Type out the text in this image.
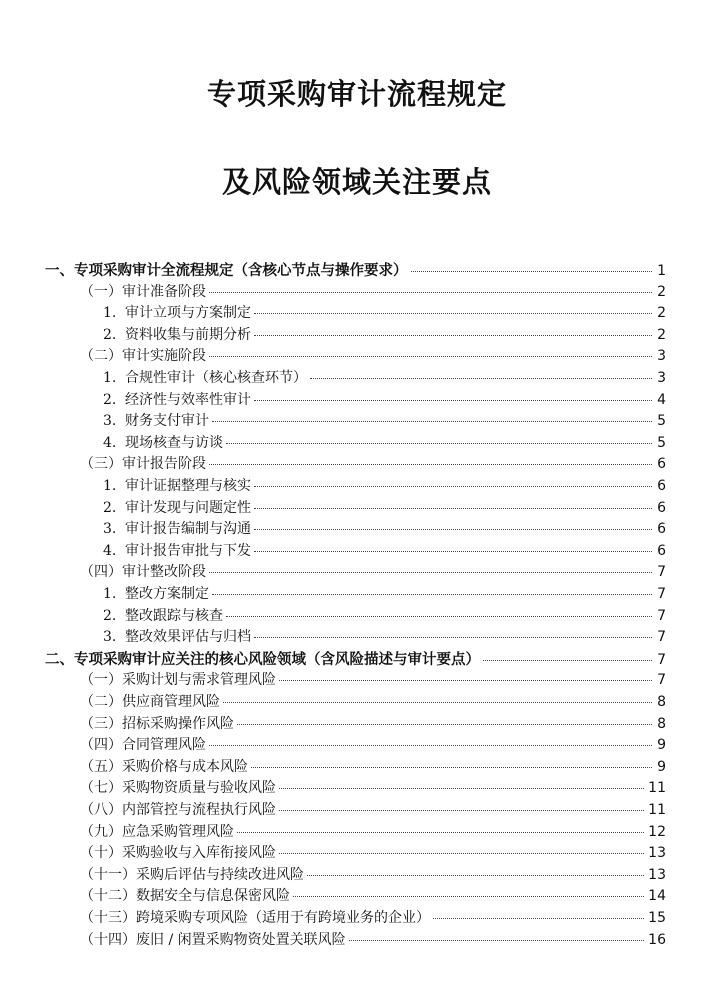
专项采购审计流程规定
及风险领域关注要点
一、专项采购审计全流程规定（含核心节点与操作要求）	1
（一）审计准备阶段	2
1. 审计立项与方案制定	2
2. 资料收集与前期分析	2
（二）审计实施阶段	3
1. 合规性审计（核心核查环节）	3
2. 经济性与效率性审计	4
3. 财务支付审计	5
4. 现场核查与访谈	5
（三）审计报告阶段	6
1. 审计证据整理与核实	6
2. 审计发现与问题定性	6
3. 审计报告编制与沟通	6
4. 审计报告审批与下发	6
（四）审计整改阶段	7
1. 整改方案制定	7
2. 整改跟踪与核查	7
3. 整改效果评估与归档	7
二、专项采购审计应关注的核心风险领域（含风险描述与审计要点）	7
（一）采购计划与需求管理风险	7
（二）供应商管理风险	8
（三）招标采购操作风险	8
（四）合同管理风险	9
（五）采购价格与成本风险	9
（七）采购物资质量与验收风险	11
（八）内部管控与流程执行风险	11
（九）应急采购管理风险	12
（十）采购验收与入库衔接风险	13
（十一）采购后评估与持续改进风险	13
（十二）数据安全与信息保密风险	14
（十三）跨境采购专项风险（适用于有跨境业务的企业）	15
（十四）废旧 / 闲置采购物资处置关联风险	16
